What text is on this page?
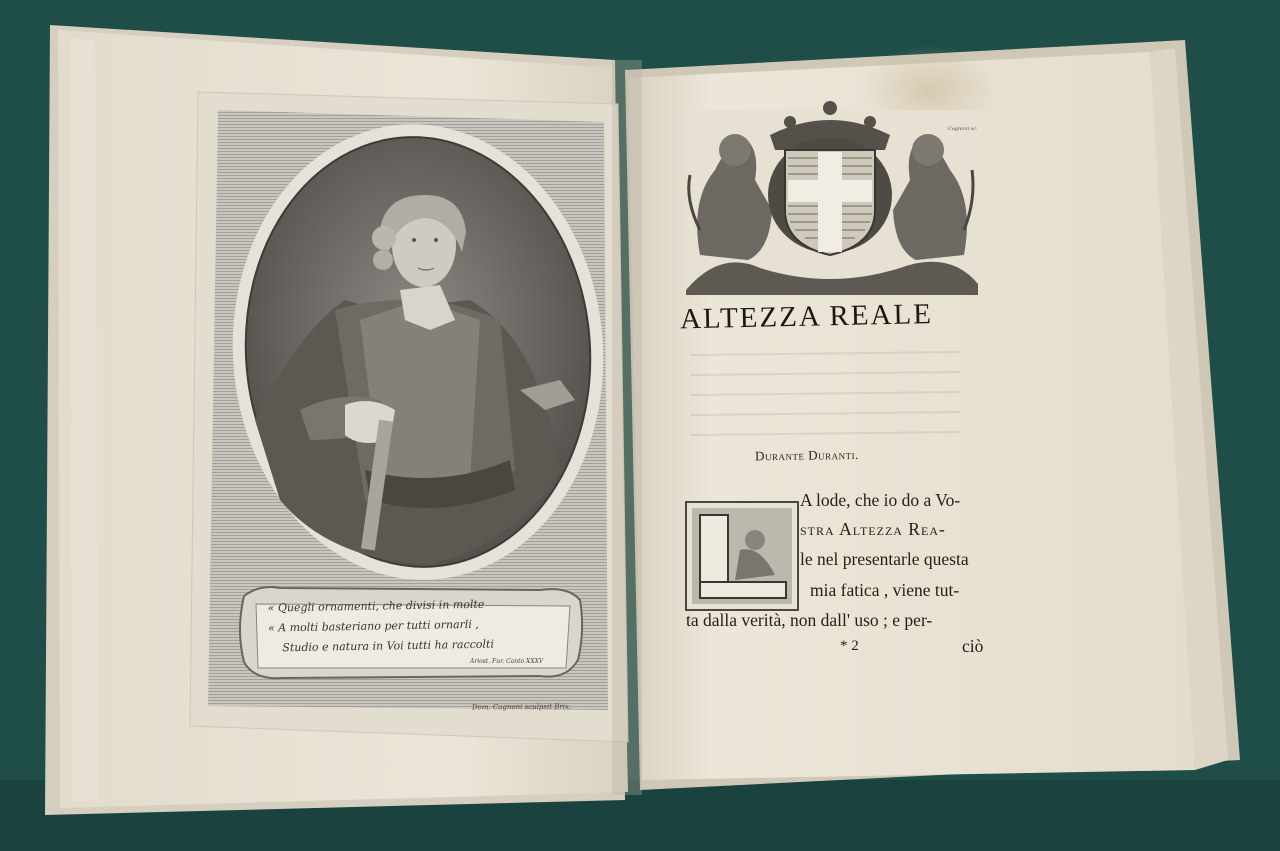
ALTEZZA REALE
Durante Duranti.
A lode, che io do a Vo-
stra Altezza Rea-
le nel presentarle questa
mia fatica , viene tut-
ta dalla verità, non dall' uso ; e per-
* 2	ciò
Cagnoni sc.
« Quegli ornamenti, che divisi in molte
« A molti basteriano per tutti ornarli ,
Studio e natura in Voi tutti ha raccolti
Ariost. Fur. Canto XXXV
Dom. Cagnoni sculpsit Brix.
